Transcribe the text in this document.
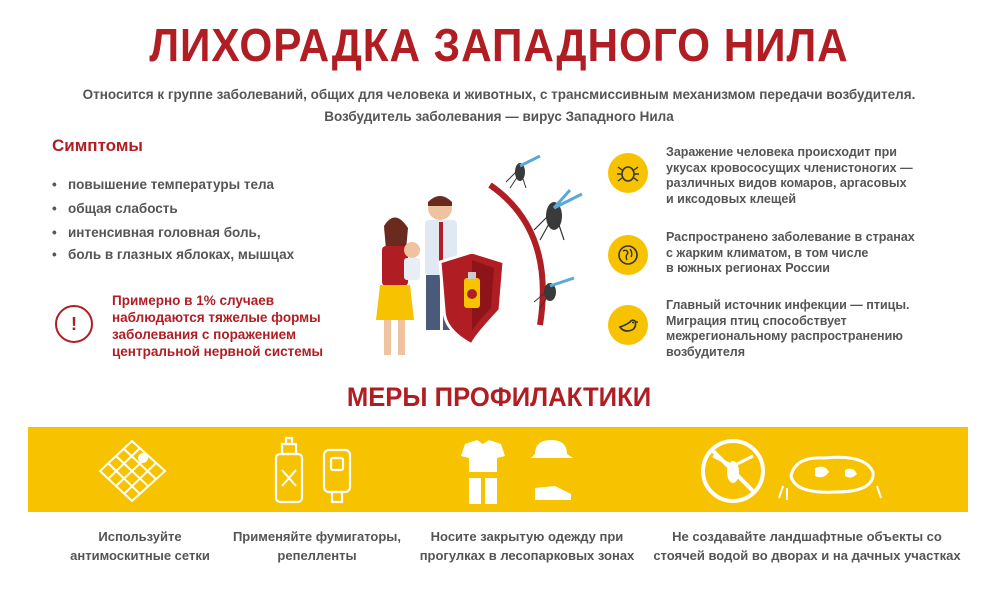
ЛИХОРАДКА ЗАПАДНОГО НИЛА
Относится к группе заболеваний, общих для человека и животных, с трансмиссивным механизмом передачи возбудителя.
Возбудитель заболевания — вирус Западного Нила
Симптомы
• повышение температуры тела
• общая слабость
• интенсивная головная боль,
• боль в глазных яблоках, мышцах
!
Примерно в 1% случаев
наблюдаются тяжелые формы
заболевания с поражением
центральной нервной системы
Заражение человека происходит при
укусах кровососущих членистоногих —
различных видов комаров, аргасовых
и иксодовых клещей
Распространено заболевание в странах
с жарким климатом, в том числе
в южных регионах России
Главный источник инфекции — птицы.
Миграция птиц способствует
межрегиональному распространению
возбудителя
МЕРЫ ПРОФИЛАКТИКИ
Используйте
антимоскитные сетки
Применяйте фумигаторы,
репелленты
Носите закрытую одежду при
прогулках в лесопарковых зонах
Не создавайте ландшафтные объекты со
стоячей водой во дворах и на дачных участках
